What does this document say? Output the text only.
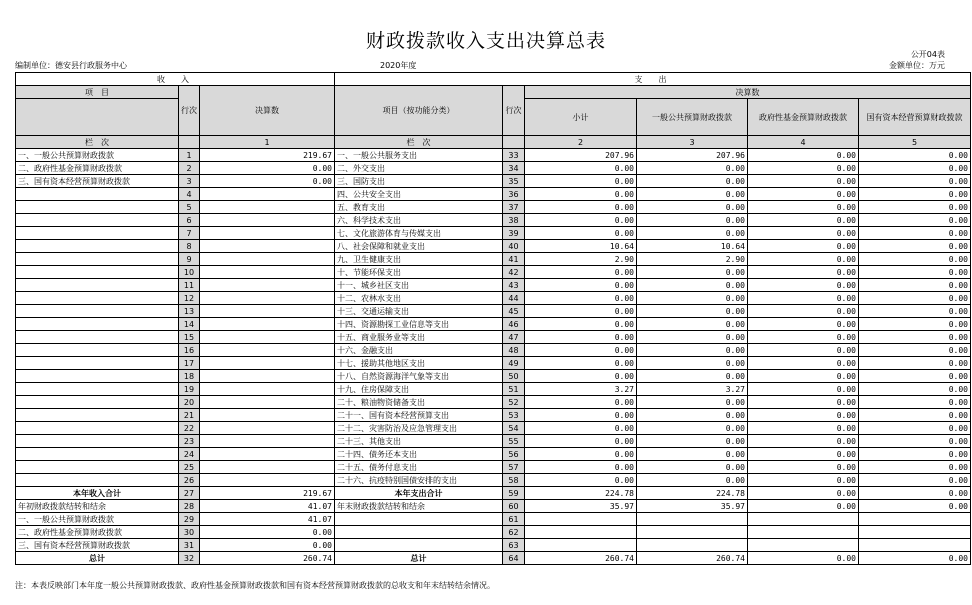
财政拨款收入支出决算总表
公开04表
编制单位：德安县行政服务中心	2020年度	金额单位：万元
收　入			支　出					
项　目	行次	决算数	项目（按功能分类）	行次	决算数			
					小计	一般公共预算财政拨款	政府性基金预算财政拨款	国有资本经营预算财政拨款
栏　次		1	栏　次		2	3	4	5
一、一般公共预算财政拨款	1	219.67	一、一般公共服务支出	33	207.96	207.96	0.00	0.00
二、政府性基金预算财政拨款	2	0.00	二、外交支出	34	0.00	0.00	0.00	0.00
三、国有资本经营预算财政拨款	3	0.00	三、国防支出	35	0.00	0.00	0.00	0.00
	4		四、公共安全支出	36	0.00	0.00	0.00	0.00
	5		五、教育支出	37	0.00	0.00	0.00	0.00
	6		六、科学技术支出	38	0.00	0.00	0.00	0.00
	7		七、文化旅游体育与传媒支出	39	0.00	0.00	0.00	0.00
	8		八、社会保障和就业支出	40	10.64	10.64	0.00	0.00
	9		九、卫生健康支出	41	2.90	2.90	0.00	0.00
	10		十、节能环保支出	42	0.00	0.00	0.00	0.00
	11		十一、城乡社区支出	43	0.00	0.00	0.00	0.00
	12		十二、农林水支出	44	0.00	0.00	0.00	0.00
	13		十三、交通运输支出	45	0.00	0.00	0.00	0.00
	14		十四、资源勘探工业信息等支出	46	0.00	0.00	0.00	0.00
	15		十五、商业服务业等支出	47	0.00	0.00	0.00	0.00
	16		十六、金融支出	48	0.00	0.00	0.00	0.00
	17		十七、援助其他地区支出	49	0.00	0.00	0.00	0.00
	18		十八、自然资源海洋气象等支出	50	0.00	0.00	0.00	0.00
	19		十九、住房保障支出	51	3.27	3.27	0.00	0.00
	20		二十、粮油物资储备支出	52	0.00	0.00	0.00	0.00
	21		二十一、国有资本经营预算支出	53	0.00	0.00	0.00	0.00
	22		二十二、灾害防治及应急管理支出	54	0.00	0.00	0.00	0.00
	23		二十三、其他支出	55	0.00	0.00	0.00	0.00
	24		二十四、债务还本支出	56	0.00	0.00	0.00	0.00
	25		二十五、债务付息支出	57	0.00	0.00	0.00	0.00
	26		二十六、抗疫特别国债安排的支出	58	0.00	0.00	0.00	0.00
本年收入合计	27	219.67	本年支出合计	59	224.78	224.78	0.00	0.00
年初财政拨款结转和结余	28	41.07	年末财政拨款结转和结余	60	35.97	35.97	0.00	0.00
一、一般公共预算财政拨款	29	41.07		61				
二、政府性基金预算财政拨款	30	0.00		62				
三、国有资本经营预算财政拨款	31	0.00		63				
总计	32	260.74	总计	64	260.74	260.74	0.00	0.00
注：本表反映部门本年度一般公共预算财政拨款、政府性基金预算财政拨款和国有资本经营预算财政拨款的总收支和年末结转结余情况。
